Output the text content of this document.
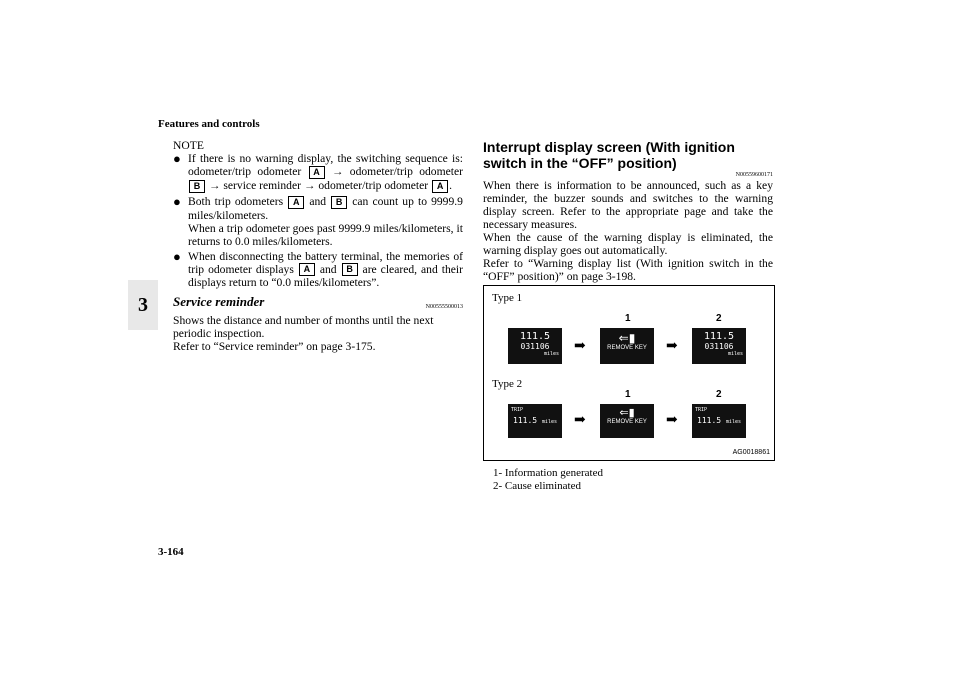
Features and controls
3
NOTE
● If there is no warning display, the switching sequence is: odometer/trip odometer A → odometer/trip odometer B → service reminder → odometer/trip odometer A .
● Both trip odometers A and B can count up to 9999.9 miles/kilometers.
When a trip odometer goes past 9999.9 miles/kilometers, it returns to 0.0 miles/kilometers.
● When disconnecting the battery terminal, the memories of trip odometer displays A and B are cleared, and their displays return to “0.0 miles/kilometers”.
Service reminder	N00555500013
Shows the distance and number of months until the next periodic inspection.
Refer to “Service reminder” on page 3-175.
Interrupt display screen (With ignition switch in the “OFF” position)
N00559600171
When there is information to be announced, such as a key reminder, the buzzer sounds and switches to the warning display screen. Refer to the appropriate page and take the necessary measures.
When the cause of the warning display is eliminated, the warning display goes out automatically.
Refer to “Warning display list (With ignition switch in the “OFF” position)” on page 3-198.
Type 1
1	2
111.5
031106
miles ➡
⇐▮
REMOVE KEY	➡
111.5
031106
miles
Type 2
1	2
TRIP
111.5 miles	➡	⇐▮
REMOVE KEY	➡
TRIP
111.5 miles
AG0018861
1- Information generated
2- Cause eliminated
3-164
